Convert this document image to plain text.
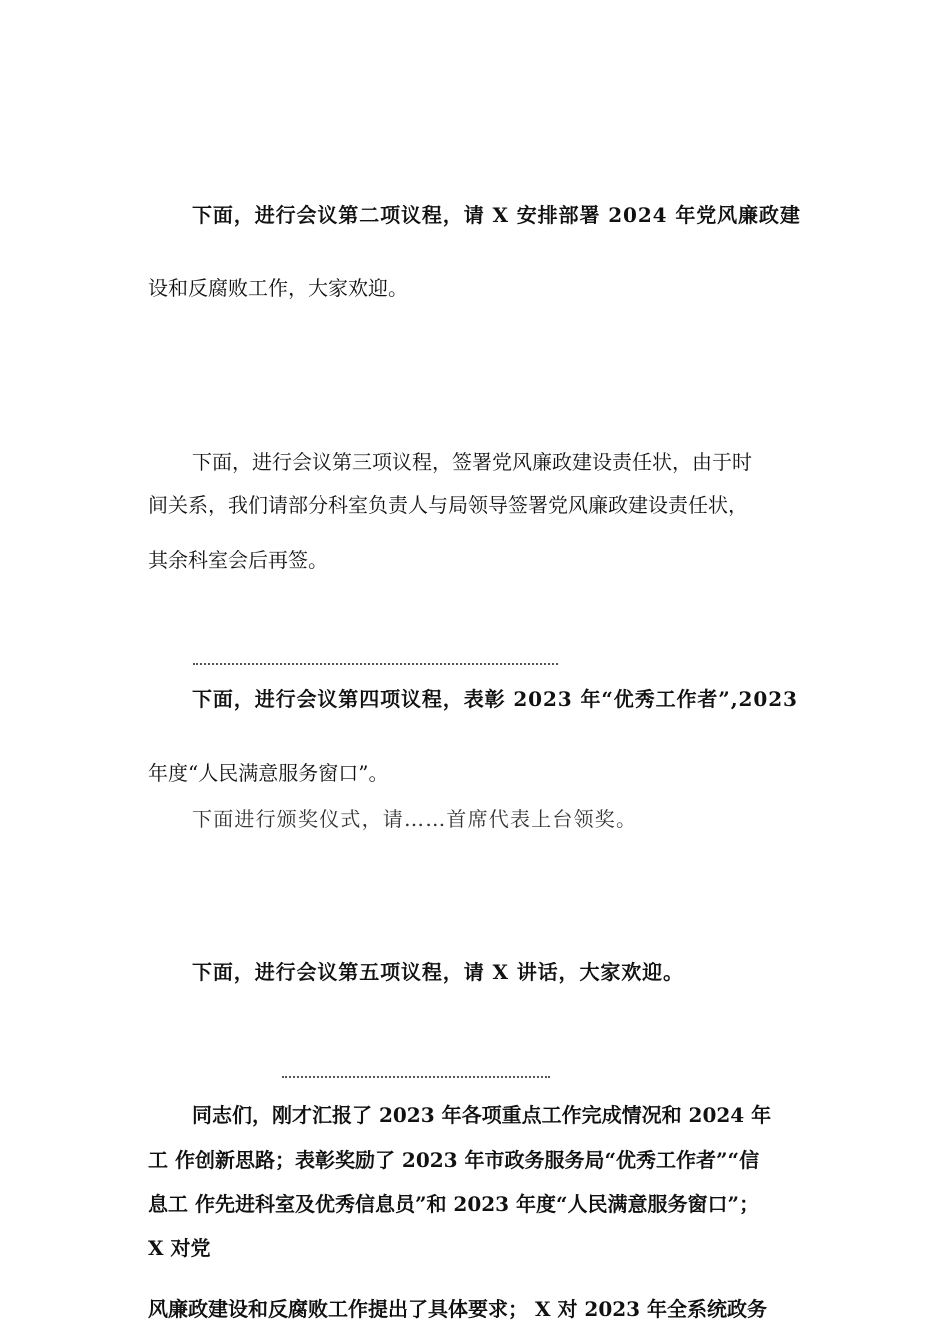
下面，进行会议第二项议程，请 X 安排部署 2024 年党风廉政建
设和反腐败工作，大家欢迎。
下面，进行会议第三项议程，签署党风廉政建设责任状，由于时
间关系，我们请部分科室负责人与局领导签署党风廉政建设责任状，
其余科室会后再签。
下面，进行会议第四项议程，表彰 2023 年“优秀工作者”,2023
年度“人民满意服务窗口”。
下面进行颁奖仪式，请……首席代表上台领奖。
下面，进行会议第五项议程，请 X 讲话，大家欢迎。
同志们，刚才汇报了 2023 年各项重点工作完成情况和 2024 年
工 作创新思路；表彰奖励了 2023 年市政务服务局“优秀工作者”“信
息工 作先进科室及优秀信息员”和 2023 年度“人民满意服务窗口”；
X 对党
风廉政建设和反腐败工作提出了具体要求； X 对 2023 年全系统政务
